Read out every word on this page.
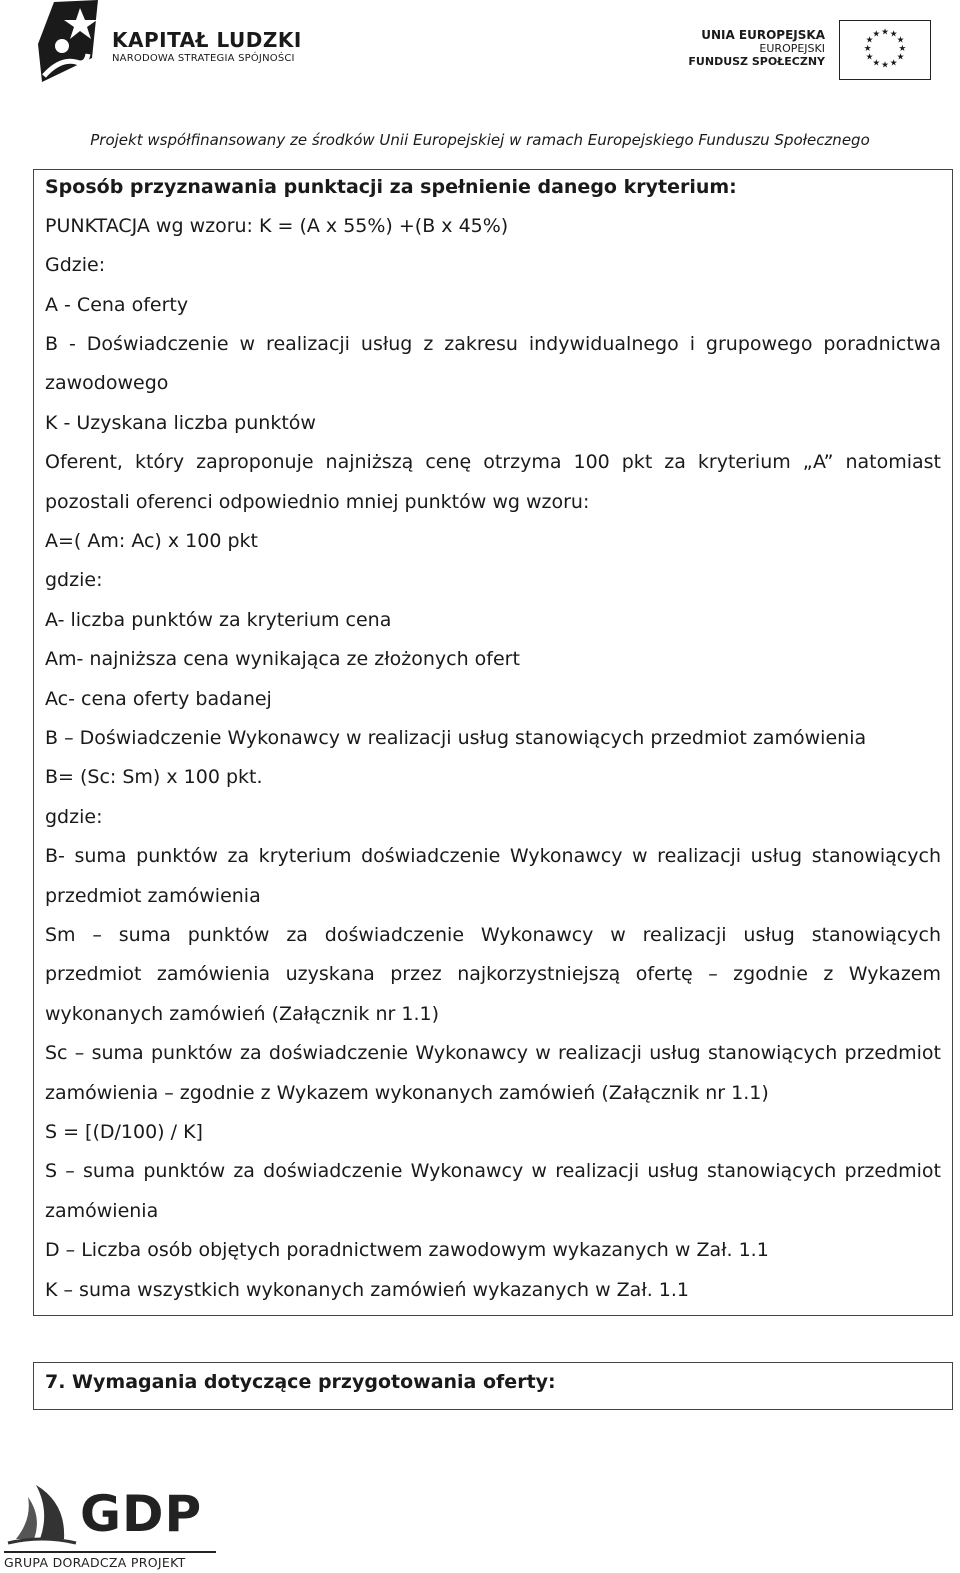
KAPITAŁ LUDZKI
NARODOWA STRATEGIA SPÓJNOŚCI
UNIA EUROPEJSKA
EUROPEJSKI
FUNDUSZ SPOŁECZNY
★ ★
★
★
★
★
★
★
★
★
★
★
Projekt współfinansowany ze środków Unii Europejskiej w ramach Europejskiego Funduszu Społecznego
Sposób przyznawania punktacji za spełnienie danego kryterium:
PUNKTACJA wg wzoru: K = (A x 55%) +(B x 45%)
Gdzie:
A - Cena oferty
B - Doświadczenie w realizacji usług z zakresu indywidualnego i grupowego poradnictwa
zawodowego
K - Uzyskana liczba punktów
Oferent, który zaproponuje najniższą cenę otrzyma 100 pkt za kryterium „A” natomiast
pozostali oferenci odpowiednio mniej punktów wg wzoru:
A=( Am: Ac) x 100 pkt
gdzie:
A- liczba punktów za kryterium cena
Am- najniższa cena wynikająca ze złożonych ofert
Ac- cena oferty badanej
B – Doświadczenie Wykonawcy w realizacji usług stanowiących przedmiot zamówienia
B= (Sc: Sm) x 100 pkt.
gdzie:
B- suma punktów za kryterium doświadczenie Wykonawcy w realizacji usług stanowiących
przedmiot zamówienia
Sm – suma punktów za doświadczenie Wykonawcy w realizacji usług stanowiących
przedmiot zamówienia uzyskana przez najkorzystniejszą ofertę – zgodnie z Wykazem
wykonanych zamówień (Załącznik nr 1.1)
Sc – suma punktów za doświadczenie Wykonawcy w realizacji usług stanowiących przedmiot
zamówienia – zgodnie z Wykazem wykonanych zamówień (Załącznik nr 1.1)
S = [(D/100) / K]
S – suma punktów za doświadczenie Wykonawcy w realizacji usług stanowiących przedmiot
zamówienia
D – Liczba osób objętych poradnictwem zawodowym wykazanych w Zał. 1.1
K – suma wszystkich wykonanych zamówień wykazanych w Zał. 1.1
7. Wymagania dotyczące przygotowania oferty:
GDP
GRUPA DORADCZA PROJEKT
